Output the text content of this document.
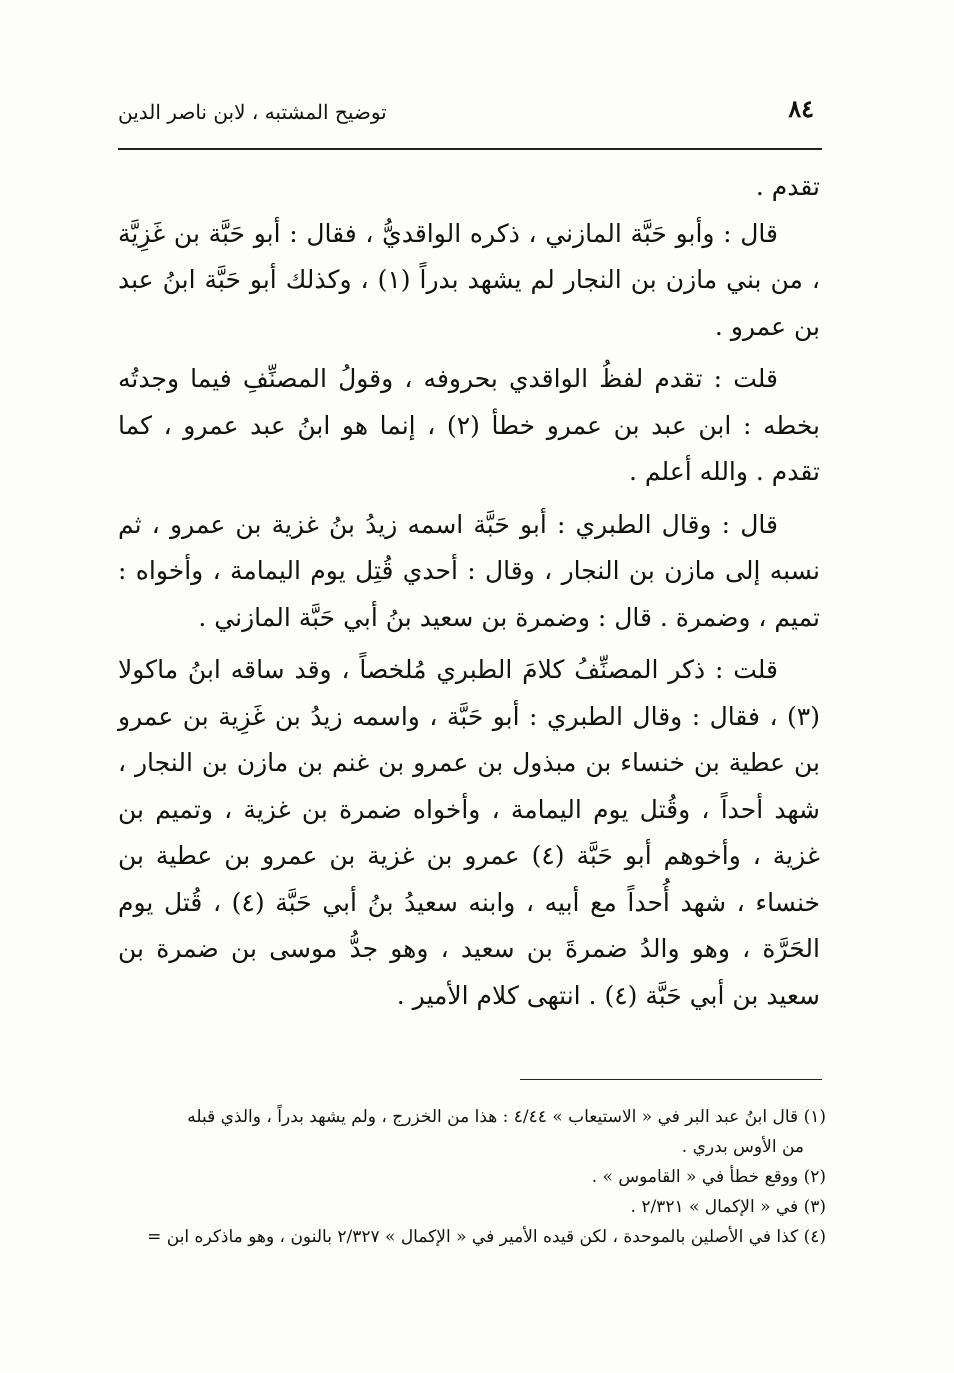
توضيح المشتبه ، لابن ناصر الدين	٨٤

تقدم .

قال : وأبو حَبَّة المازني ، ذكره الواقديُّ ، فقال : أبو حَبَّة بن غَزِيَّة ، من بني مازن بن النجار لم يشهد بدراً (١) ، وكذلك أبو حَبَّة ابنُ عبد بن عمرو .

قلت : تقدم لفظُ الواقدي بحروفه ، وقولُ المصنِّفِ فيما وجدتُه بخطه : ابن عبد بن عمرو خطأ (٢) ، إنما هو ابنُ عبد عمرو ، كما تقدم . والله أعلم .

قال : وقال الطبري : أبو حَبَّة اسمه زيدُ بنُ غزية بن عمرو ، ثم نسبه إلى مازن بن النجار ، وقال : أحدي قُتِل يوم اليمامة ، وأخواه : تميم ، وضمرة . قال : وضمرة بن سعيد بنُ أبي حَبَّة المازني .

قلت : ذكر المصنِّفُ كلامَ الطبري مُلخصاً ، وقد ساقه ابنُ ماكولا (٣) ، فقال : وقال الطبري : أبو حَبَّة ، واسمه زيدُ بن غَزِية بن عمرو بن عطية بن خنساء بن مبذول بن عمرو بن غنم بن مازن بن النجار ، شهد أحداً ، وقُتل يوم اليمامة ، وأخواه ضمرة بن غزية ، وتميم بن غزية ، وأخوهم أبو حَبَّة (٤) عمرو بن غزية بن عمرو بن عطية بن خنساء ، شهد أُحداً مع أبيه ، وابنه سعيدُ بنُ أبي حَبَّة (٤) ، قُتل يوم الحَرَّة ، وهو والدُ ضمرةَ بن سعيد ، وهو جدُّ موسى بن ضمرة بن سعيد بن أبي حَبَّة (٤) . انتهى كلام الأمير .

(١) قال ابنُ عبد البر في « الاستيعاب » ٤/٤٤ : هذا من الخزرج ، ولم يشهد بدراً ، والذي قبله

من الأوس بدري .

(٢) ووقع خطأ في « القاموس » .

(٣) في « الإكمال » ٢/٣٢١ .

(٤) كذا في الأصلين بالموحدة ، لكن قيده الأمير في « الإكمال » ٢/٣٢٧ بالنون ، وهو ماذكره ابن =
